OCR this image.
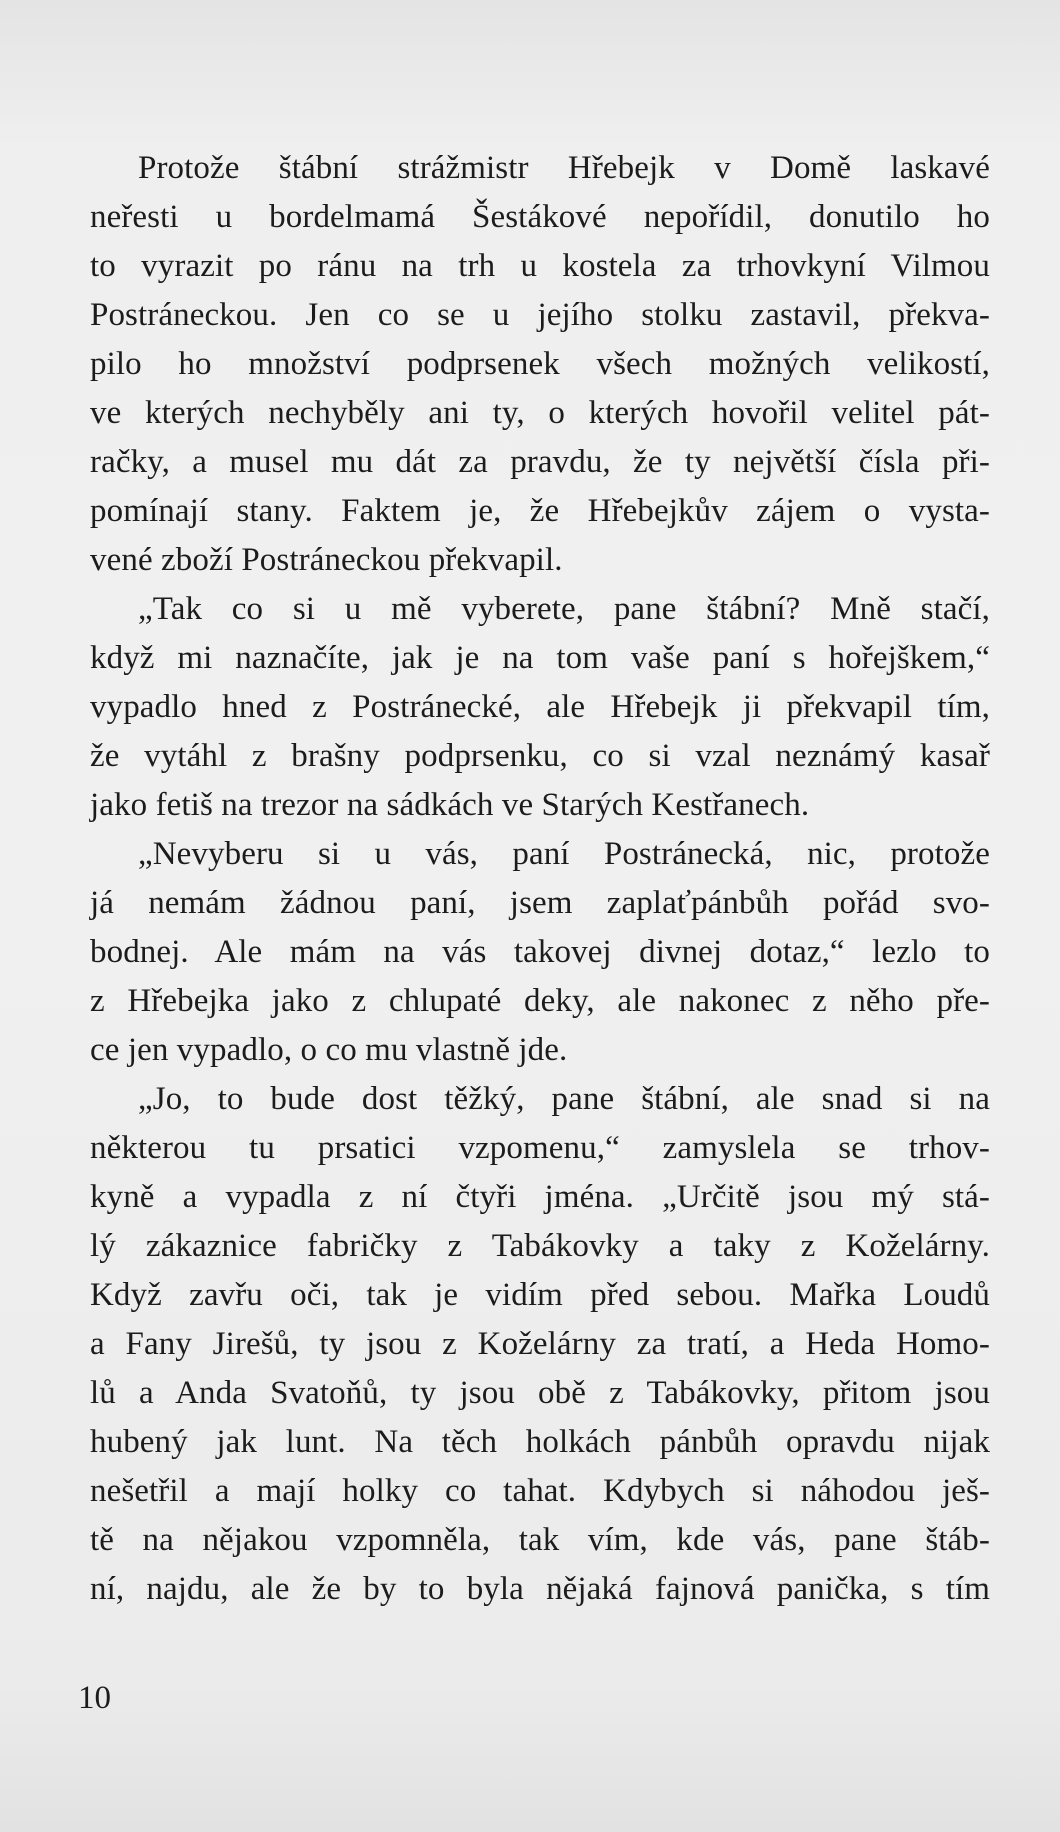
Protože štábní strážmistr Hřebejk v Domě laskavé
neřesti u bordelmamá Šestákové nepořídil, donutilo ho
to vyrazit po ránu na trh u kostela za trhovkyní Vilmou
Postráneckou. Jen co se u jejího stolku zastavil, překva-
pilo ho množství podprsenek všech možných velikostí,
ve kterých nechyběly ani ty, o kterých hovořil velitel pát-
račky, a musel mu dát za pravdu, že ty největší čísla při-
pomínají stany. Faktem je, že Hřebejkův zájem o vysta-
vené zboží Postráneckou překvapil.
„Tak co si u mě vyberete, pane štábní? Mně stačí,
když mi naznačíte, jak je na tom vaše paní s hořejškem,“
vypadlo hned z Postránecké, ale Hřebejk ji překvapil tím,
že vytáhl z brašny podprsenku, co si vzal neznámý kasař
jako fetiš na trezor na sádkách ve Starých Kestřanech.
„Nevyberu si u vás, paní Postránecká, nic, protože
já nemám žádnou paní, jsem zaplaťpánbůh pořád svo-
bodnej. Ale mám na vás takovej divnej dotaz,“ lezlo to
z Hřebejka jako z chlupaté deky, ale nakonec z něho pře-
ce jen vypadlo, o co mu vlastně jde.
„Jo, to bude dost těžký, pane štábní, ale snad si na
některou tu prsatici vzpomenu,“ zamyslela se trhov-
kyně a vypadla z ní čtyři jména. „Určitě jsou mý stá-
lý zákaznice fabričky z Tabákovky a taky z Koželárny.
Když zavřu oči, tak je vidím před sebou. Mařka Loudů
a Fany Jirešů, ty jsou z Koželárny za tratí, a Heda Homo-
lů a Anda Svatoňů, ty jsou obě z Tabákovky, přitom jsou
hubený jak lunt. Na těch holkách pánbůh opravdu nijak
nešetřil a mají holky co tahat. Kdybych si náhodou ješ-
tě na nějakou vzpomněla, tak vím, kde vás, pane štáb-
ní, najdu, ale že by to byla nějaká fajnová panička, s tím
10
